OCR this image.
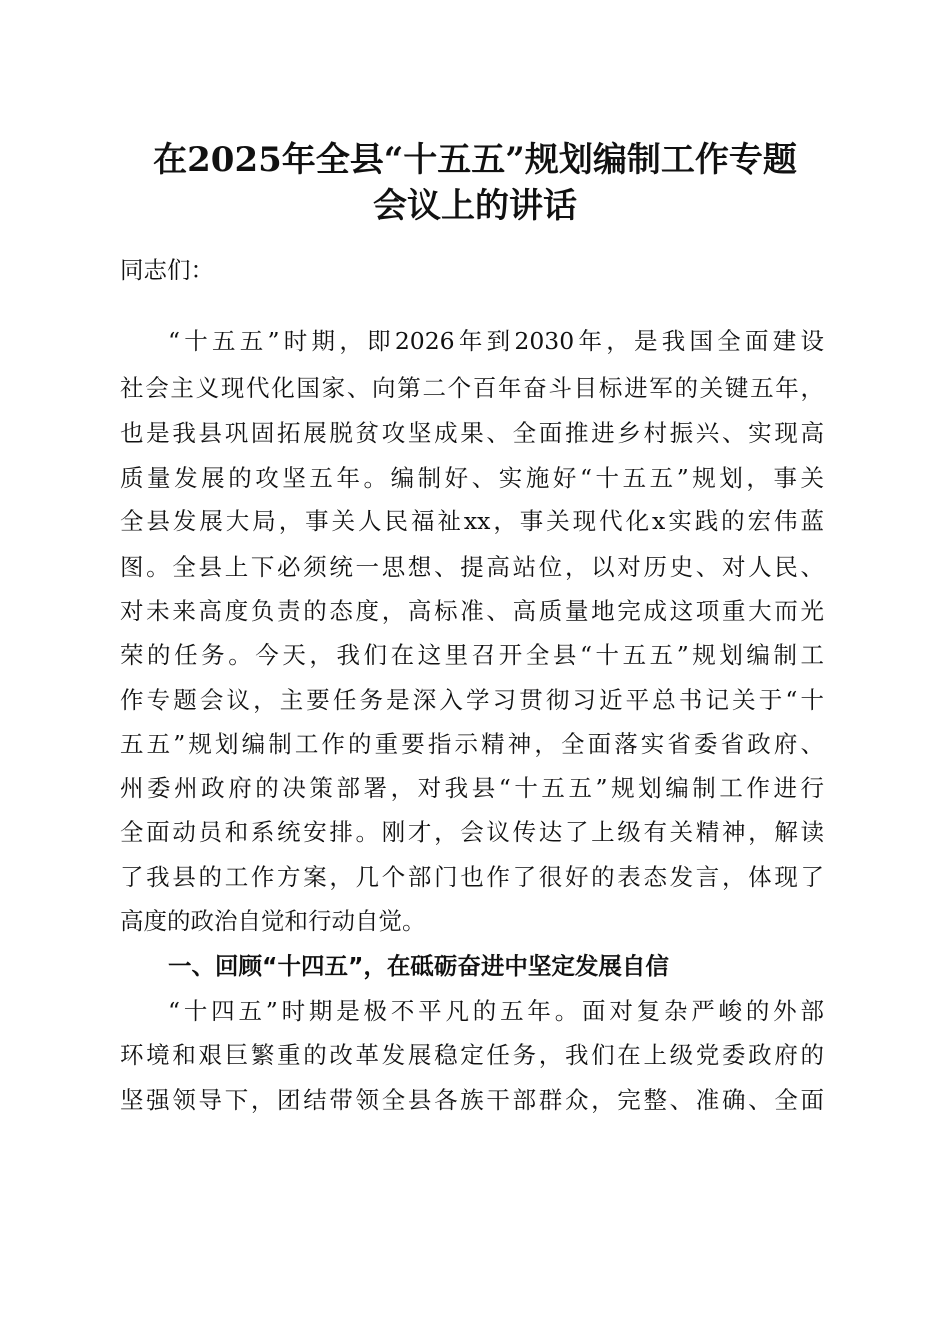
在2025年全县“十五五”规划编制工作专题
会议上的讲话
同志们：
“十五五”时期，即2026年到2030年，是我国全面建设
社会主义现代化国家、向第二个百年奋斗目标进军的关键五年，
也是我县巩固拓展脱贫攻坚成果、全面推进乡村振兴、实现高
质量发展的攻坚五年。编制好、实施好“十五五”规划，事关
全县发展大局，事关人民福祉xx，事关现代化x实践的宏伟蓝
图。全县上下必须统一思想、提高站位，以对历史、对人民、
对未来高度负责的态度，高标准、高质量地完成这项重大而光
荣的任务。今天，我们在这里召开全县“十五五”规划编制工
作专题会议，主要任务是深入学习贯彻习近平总书记关于“十
五五”规划编制工作的重要指示精神，全面落实省委省政府、
州委州政府的决策部署，对我县“十五五”规划编制工作进行
全面动员和系统安排。刚才，会议传达了上级有关精神，解读
了我县的工作方案，几个部门也作了很好的表态发言，体现了
高度的政治自觉和行动自觉。
一、回顾“十四五”，在砥砺奋进中坚定发展自信
“十四五”时期是极不平凡的五年。面对复杂严峻的外部
环境和艰巨繁重的改革发展稳定任务，我们在上级党委政府的
坚强领导下，团结带领全县各族干部群众，完整、准确、全面
